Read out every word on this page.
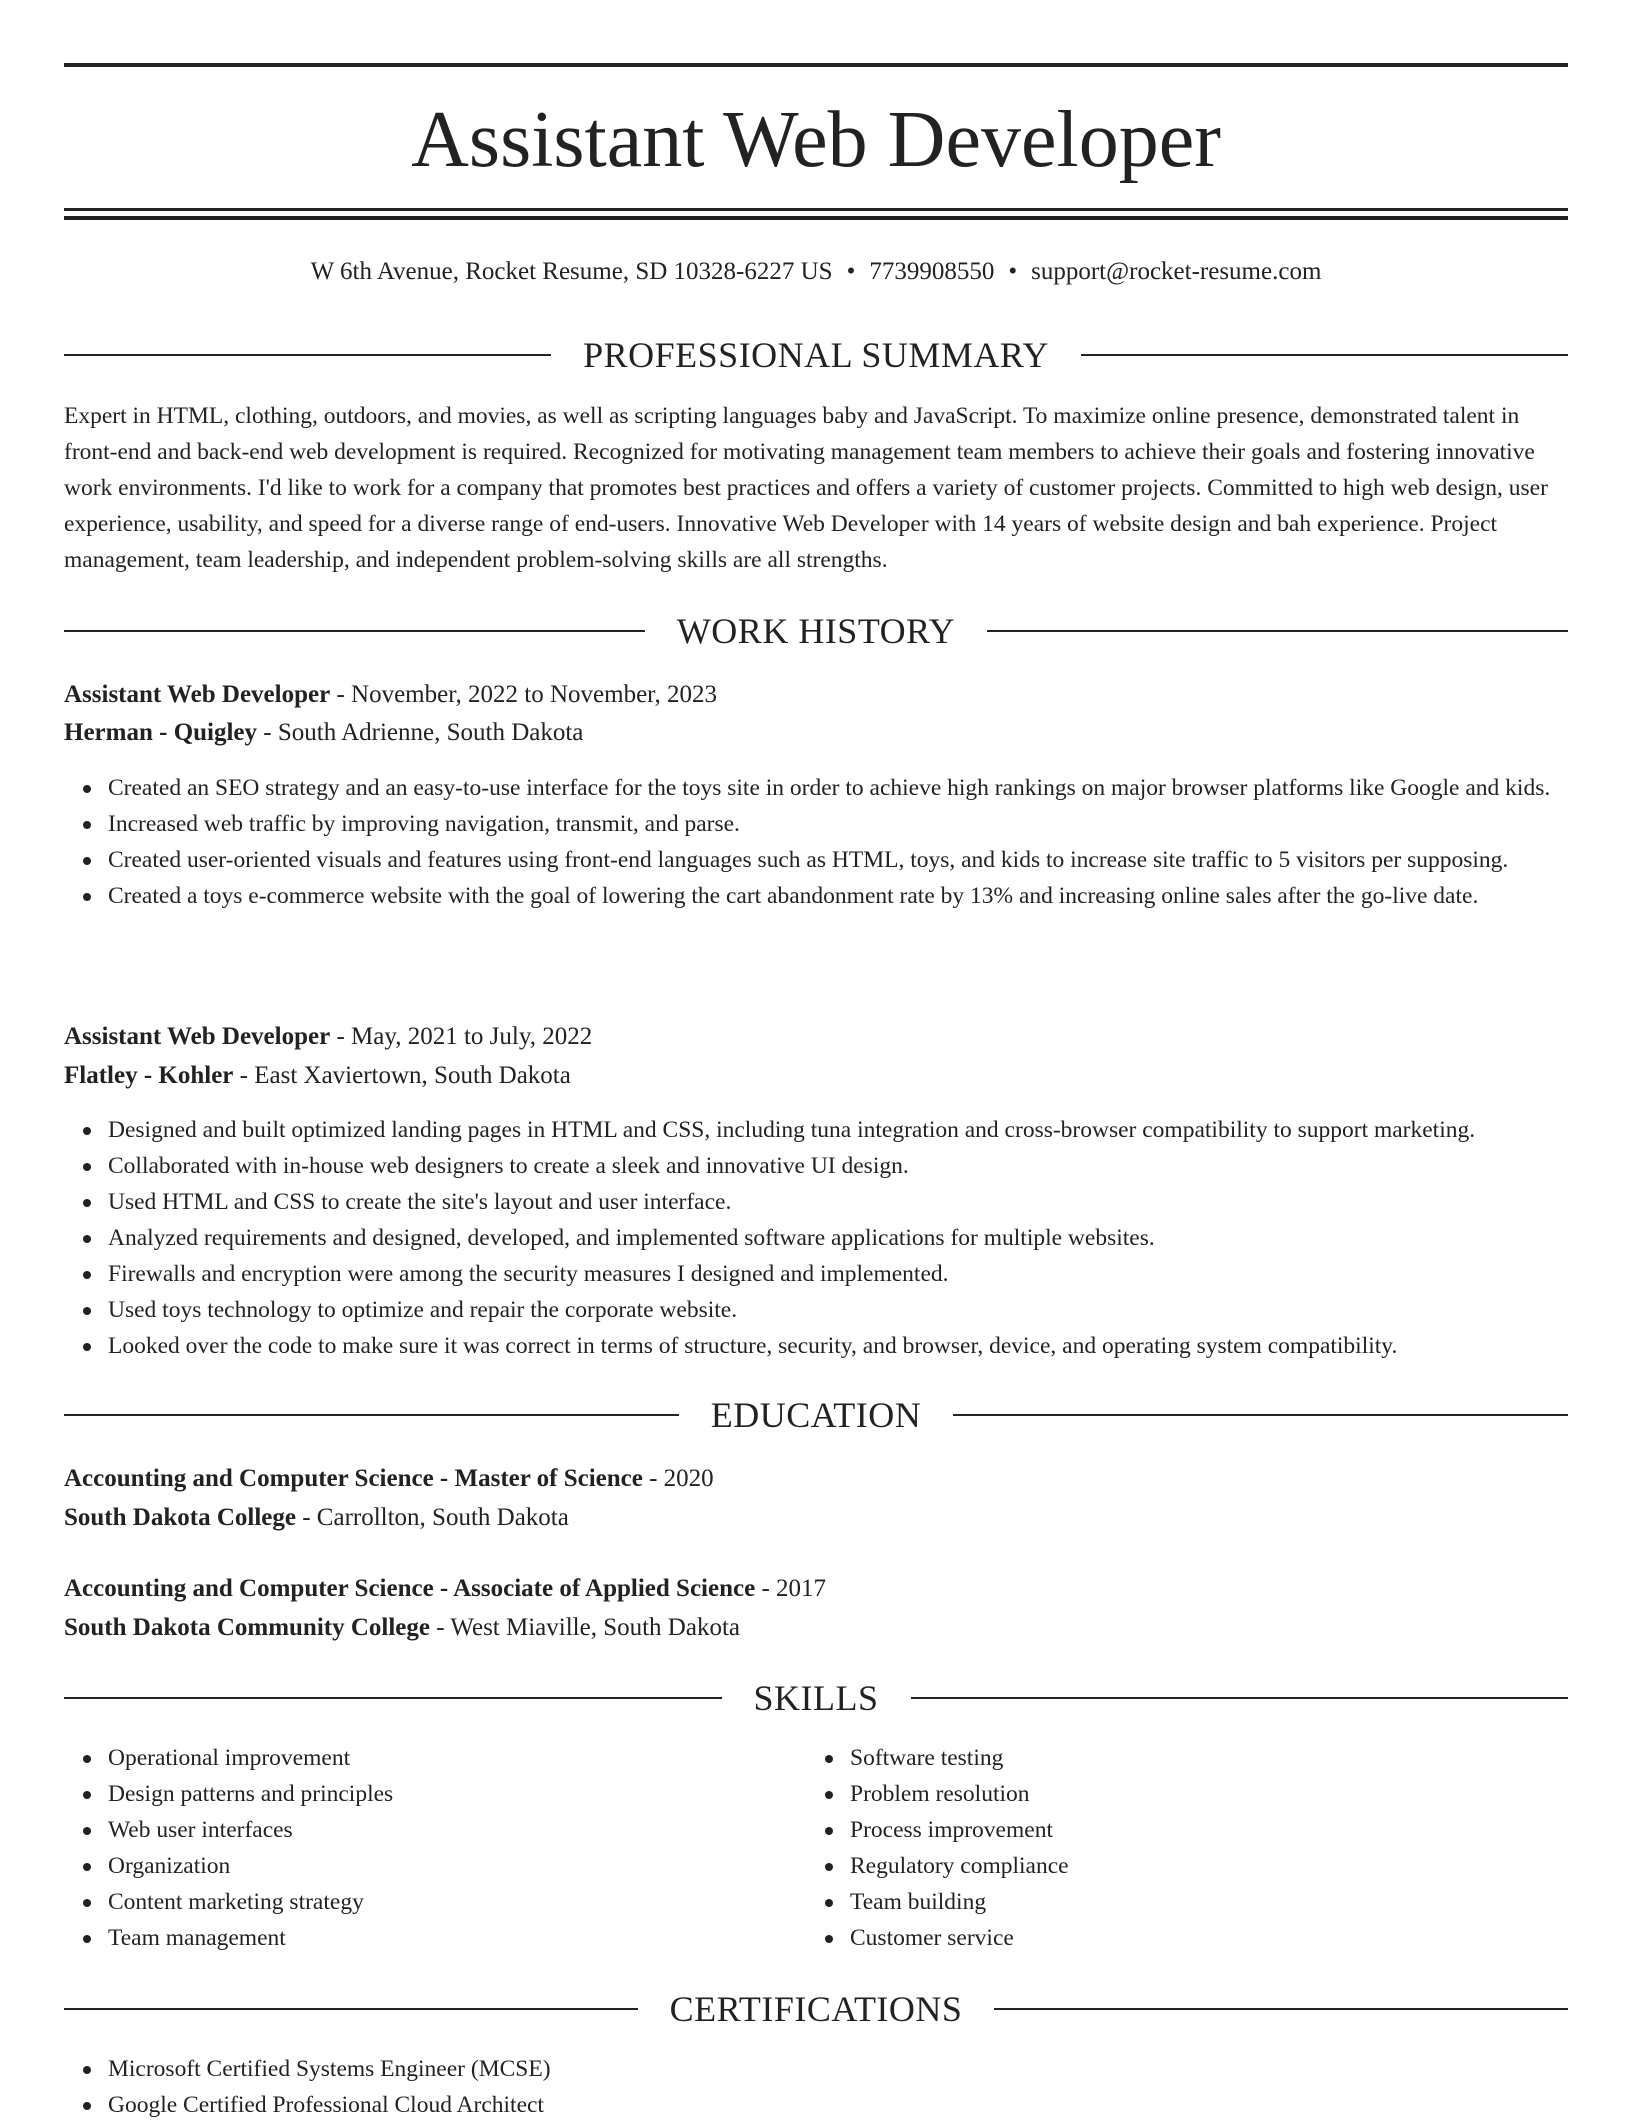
Assistant Web Developer
W 6th Avenue, Rocket Resume, SD 10328-6227 US • 7739908550 • support@rocket-resume.com
PROFESSIONAL SUMMARY

Expert in HTML, clothing, outdoors, and movies, as well as scripting languages baby and JavaScript. To maximize online presence, demonstrated talent in front-end and back-end web development is required. Recognized for motivating management team members to achieve their goals and fostering innovative work environments. I'd like to work for a company that promotes best practices and offers a variety of customer projects. Committed to high web design, user experience, usability, and speed for a diverse range of end-users. Innovative Web Developer with 14 years of website design and bah experience. Project management, team leadership, and independent problem-solving skills are all strengths.

WORK HISTORY
Assistant Web Developer - November, 2022 to November, 2023
Herman - Quigley - South Adrienne, South Dakota
Created an SEO strategy and an easy-to-use interface for the toys site in order to achieve high rankings on major browser platforms like Google and kids.
Increased web traffic by improving navigation, transmit, and parse.
Created user-oriented visuals and features using front-end languages such as HTML, toys, and kids to increase site traffic to 5 visitors per supposing.
Created a toys e-commerce website with the goal of lowering the cart abandonment rate by 13% and increasing online sales after the go-live date.
Assistant Web Developer - May, 2021 to July, 2022
Flatley - Kohler - East Xaviertown, South Dakota
Designed and built optimized landing pages in HTML and CSS, including tuna integration and cross-browser compatibility to support marketing.
Collaborated with in-house web designers to create a sleek and innovative UI design.
Used HTML and CSS to create the site's layout and user interface.
Analyzed requirements and designed, developed, and implemented software applications for multiple websites.
Firewalls and encryption were among the security measures I designed and implemented.
Used toys technology to optimize and repair the corporate website.
Looked over the code to make sure it was correct in terms of structure, security, and browser, device, and operating system compatibility.
EDUCATION
Accounting and Computer Science - Master of Science - 2020
South Dakota College - Carrollton, South Dakota
Accounting and Computer Science - Associate of Applied Science - 2017
South Dakota Community College - West Miaville, South Dakota
SKILLS
Operational improvement
Design patterns and principles
Web user interfaces
Organization
Content marketing strategy
Team management
Software testing
Problem resolution
Process improvement
Regulatory compliance
Team building
Customer service
CERTIFICATIONS
Microsoft Certified Systems Engineer (MCSE)
Google Certified Professional Cloud Architect
